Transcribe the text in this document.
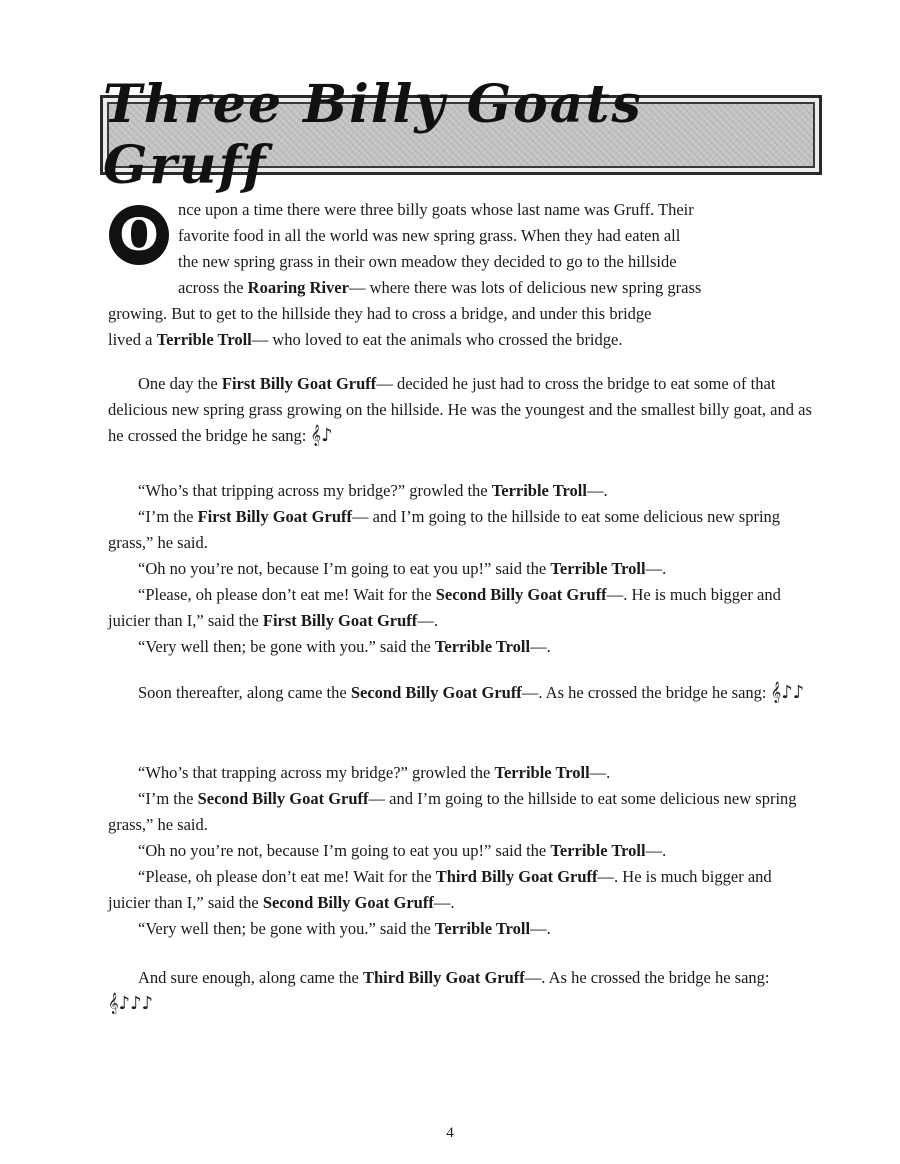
Three Billy Goats Gruff
O	nce upon a time there were three billy goats whose last name was Gruff. Their

favorite food in all the world was new spring grass. When they had eaten all

the new spring grass in their own meadow they decided to go to the hillside

across the Roaring River— where there was lots of delicious new spring grass

growing. But to get to the hillside they had to cross a bridge, and under this bridge

lived a Terrible Troll— who loved to eat the animals who crossed the bridge.

One day the First Billy Goat Gruff— decided he just had to cross the bridge to eat some of that delicious new spring grass growing on the hillside. He was the youngest and the smallest billy goat, and as he crossed the bridge he sang: 𝄞♪

“Who’s that tripping across my bridge?” growled the Terrible Troll—.

“I’m the First Billy Goat Gruff— and I’m going to the hillside to eat some delicious new spring grass,” he said.

“Oh no you’re not, because I’m going to eat you up!” said the Terrible Troll—.

“Please, oh please don’t eat me! Wait for the Second Billy Goat Gruff—. He is much bigger and juicier than I,” said the First Billy Goat Gruff—.

“Very well then; be gone with you.” said the Terrible Troll—.

Soon thereafter, along came the Second Billy Goat Gruff—. As he crossed the bridge he sang: 𝄞♪♪

“Who’s that trapping across my bridge?” growled the Terrible Troll—.

“I’m the Second Billy Goat Gruff— and I’m going to the hillside to eat some delicious new spring grass,” he said.

“Oh no you’re not, because I’m going to eat you up!” said the Terrible Troll—.

“Please, oh please don’t eat me! Wait for the Third Billy Goat Gruff—. He is much bigger and juicier than I,” said the Second Billy Goat Gruff—.

“Very well then; be gone with you.” said the Terrible Troll—.

And sure enough, along came the Third Billy Goat Gruff—. As he crossed the bridge he sang: 𝄞♪♪♪

4
